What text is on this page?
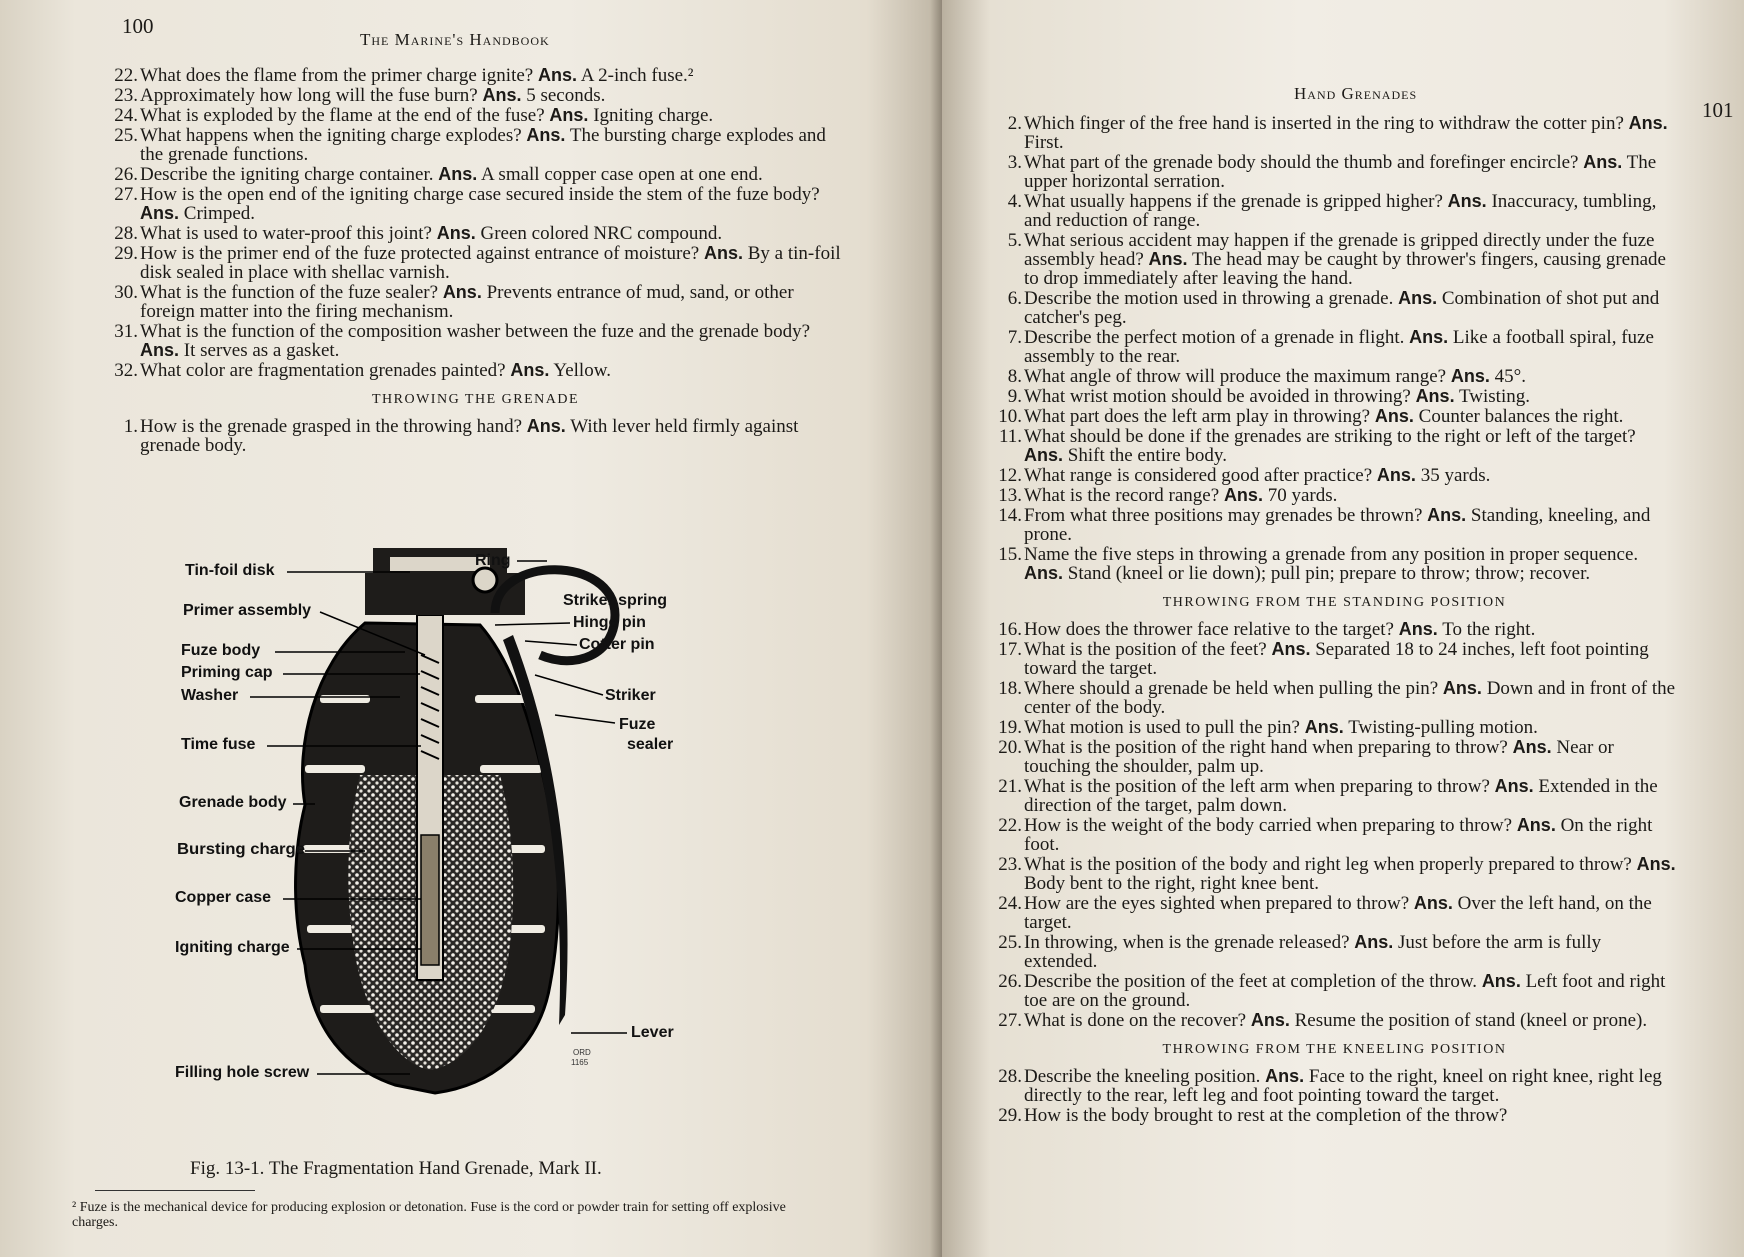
100
The Marine's Handbook
22. What does the flame from the primer charge ignite? Ans. A 2-inch fuse.²
23. Approximately how long will the fuse burn? Ans. 5 seconds.
24. What is exploded by the flame at the end of the fuse? Ans. Igniting charge.
25. What happens when the igniting charge explodes? Ans. The bursting charge explodes and the grenade functions.
26. Describe the igniting charge container. Ans. A small copper case open at one end.
27. How is the open end of the igniting charge case secured inside the stem of the fuze body? Ans. Crimped.
28. What is used to water-proof this joint? Ans. Green colored NRC compound.
29. How is the primer end of the fuze protected against entrance of moisture? Ans. By a tin-foil disk sealed in place with shellac varnish.
30. What is the function of the fuze sealer? Ans. Prevents entrance of mud, sand, or other foreign matter into the firing mechanism.
31. What is the function of the composition washer between the fuze and the grenade body? Ans. It serves as a gasket.
32. What color are fragmentation grenades painted? Ans. Yellow.
THROWING THE GRENADE
1. How is the grenade grasped in the throwing hand? Ans. With lever held firmly against grenade body.
Tin-foil disk
Primer assembly
Fuze body
Priming cap
Washer
Time fuse
Grenade body
Bursting charge
Copper case
Igniting charge
Filling hole screw
Ring
Striker spring
Hinge pin
Cotter pin
Striker
Fuze
sealer
Lever
ORD
1165
Fig. 13-1. The Fragmentation Hand Grenade, Mark II.
² Fuze is the mechanical device for producing explosion or detonation. Fuse is the cord or powder train for setting off explosive charges.
Hand Grenades
101
2. Which finger of the free hand is inserted in the ring to withdraw the cotter pin? Ans. First.
3. What part of the grenade body should the thumb and forefinger encircle? Ans. The upper horizontal serration.
4. What usually happens if the grenade is gripped higher? Ans. Inaccuracy, tumbling, and reduction of range.
5. What serious accident may happen if the grenade is gripped directly under the fuze assembly head? Ans. The head may be caught by thrower's fingers, causing grenade to drop immediately after leaving the hand.
6. Describe the motion used in throwing a grenade. Ans. Combination of shot put and catcher's peg.
7. Describe the perfect motion of a grenade in flight. Ans. Like a football spiral, fuze assembly to the rear.
8. What angle of throw will produce the maximum range? Ans. 45°.
9. What wrist motion should be avoided in throwing? Ans. Twisting.
10. What part does the left arm play in throwing? Ans. Counter balances the right.
11. What should be done if the grenades are striking to the right or left of the target? Ans. Shift the entire body.
12. What range is considered good after practice? Ans. 35 yards.
13. What is the record range? Ans. 70 yards.
14. From what three positions may grenades be thrown? Ans. Standing, kneeling, and prone.
15. Name the five steps in throwing a grenade from any position in proper sequence. Ans. Stand (kneel or lie down); pull pin; prepare to throw; throw; recover.
THROWING FROM THE STANDING POSITION
16. How does the thrower face relative to the target? Ans. To the right.
17. What is the position of the feet? Ans. Separated 18 to 24 inches, left foot pointing toward the target.
18. Where should a grenade be held when pulling the pin? Ans. Down and in front of the center of the body.
19. What motion is used to pull the pin? Ans. Twisting-pulling motion.
20. What is the position of the right hand when preparing to throw? Ans. Near or touching the shoulder, palm up.
21. What is the position of the left arm when preparing to throw? Ans. Extended in the direction of the target, palm down.
22. How is the weight of the body carried when preparing to throw? Ans. On the right foot.
23. What is the position of the body and right leg when properly prepared to throw? Ans. Body bent to the right, right knee bent.
24. How are the eyes sighted when prepared to throw? Ans. Over the left hand, on the target.
25. In throwing, when is the grenade released? Ans. Just before the arm is fully extended.
26. Describe the position of the feet at completion of the throw. Ans. Left foot and right toe are on the ground.
27. What is done on the recover? Ans. Resume the position of stand (kneel or prone).
THROWING FROM THE KNEELING POSITION
28. Describe the kneeling position. Ans. Face to the right, kneel on right knee, right leg directly to the rear, left leg and foot pointing toward the target.
29. How is the body brought to rest at the completion of the throw?
